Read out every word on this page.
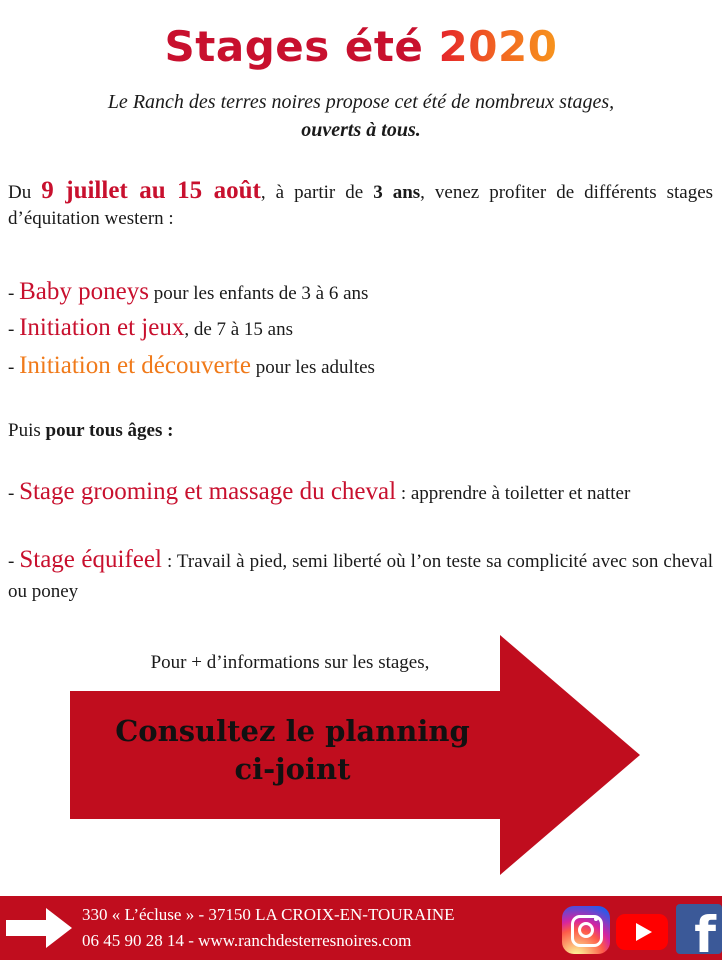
Stages été 2020
Le Ranch des terres noires propose cet été de nombreux stages,
ouverts à tous.
Du 9 juillet au 15 août, à partir de 3 ans, venez profiter de différents stages d’équitation western :
- Baby poneys pour les enfants de 3 à 6 ans
- Initiation et jeux, de 7 à 15 ans
- Initiation et découverte pour les adultes
Puis pour tous âges :
- Stage grooming et massage du cheval : apprendre à toiletter et natter
- Stage équifeel : Travail à pied, semi liberté où l’on teste sa complicité avec son cheval ou poney
Pour + d’informations sur les stages,
Consultez le planning
ci-joint
330 « L’écluse » - 37150 LA CROIX-EN-TOURAINE
06 45 90 28 14 - www.ranchdesterresnoires.com	f
